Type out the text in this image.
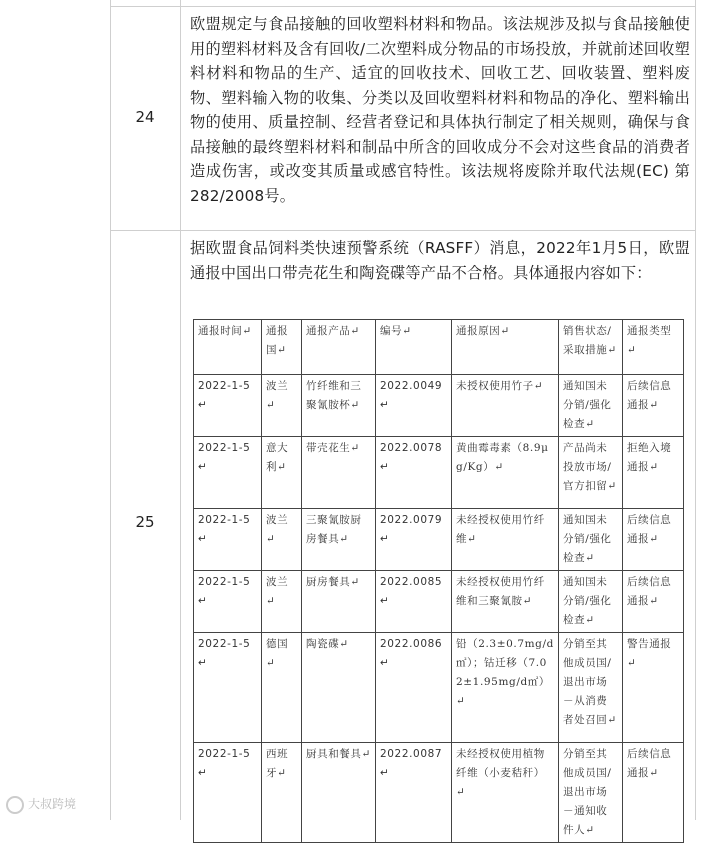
24

欧盟规定与食品接触的回收塑料材料和物品。该法规涉及拟与食品接触使用的塑料材料及含有回收/二次塑料成分物品的市场投放，并就前述回收塑料材料和物品的生产、适宜的回收技术、回收工艺、回收装置、塑料废物、塑料输入物的收集、分类以及回收塑料材料和物品的净化、塑料输出物的使用、质量控制、经营者登记和具体执行制定了相关规则，确保与食品接触的最终塑料材料和制品中所含的回收成分不会对这些食品的消费者造成伤害，或改变其质量或感官特性。该法规将废除并取代法规(EC) 第282/2008号。

25

据欧盟食品饲料类快速预警系统（RASFF）消息，2022年1月5日，欧盟通报中国出口带壳花生和陶瓷碟等产品不合格。具体通报内容如下：

通报时间↵	通报国↵	通报产品↵	编号↵	通报原因↵	销售状态/采取措施↵	通报类型↵
2022-1-5↵	波兰↵	竹纤维和三聚氰胺杯↵	2022.0049↵	未授权使用竹子↵	通知国未分销/强化检查↵	后续信息通报↵
2022-1-5↵	意大利↵	带壳花生↵	2022.0078↵	黄曲霉毒素（8.9μg/Kg）↵	产品尚未投放市场/官方扣留↵	拒绝入境通报↵
2022-1-5↵	波兰↵	三聚氰胺厨房餐具↵	2022.0079↵	未经授权使用竹纤维↵	通知国未分销/强化检查↵	后续信息通报↵
2022-1-5↵	波兰↵	厨房餐具↵	2022.0085↵	未经授权使用竹纤维和三聚氰胺↵	通知国未分销/强化检查↵	后续信息通报↵
2022-1-5↵	德国↵	陶瓷碟↵	2022.0086↵	铅（2.3±0.7mg/d㎡）；钴迁移（7.02±1.95mg/d㎡）↵	分销至其他成员国/退出市场－从消费者处召回↵	警告通报↵
2022-1-5↵	西班牙↵	厨具和餐具↵	2022.0087↵	未经授权使用植物纤维（小麦秸秆）↵	分销至其他成员国/退出市场－通知收件人↵	后续信息通报↵
大叔跨境
